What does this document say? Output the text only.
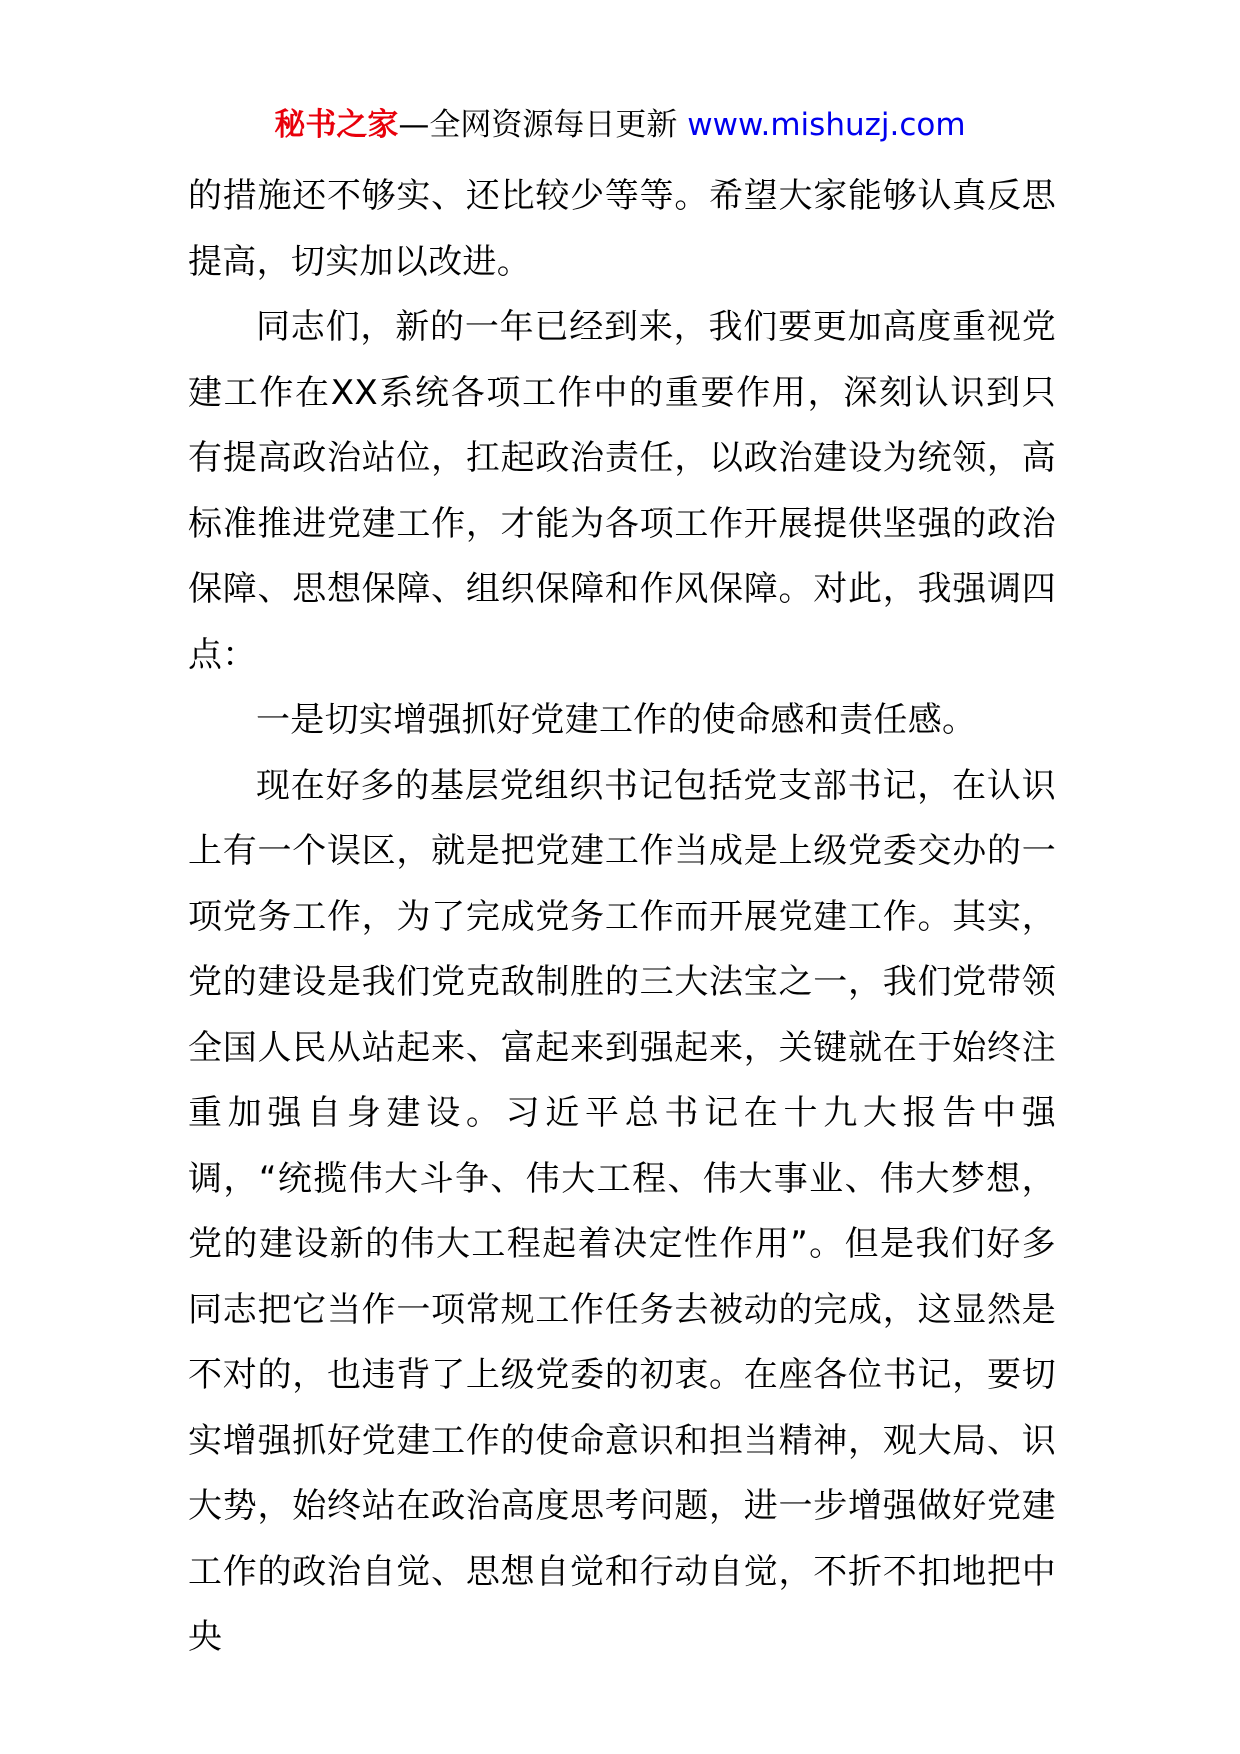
秘书之家—全网资源每日更新 www.mishuzj.com

的措施还不够实、还比较少等等。希望大家能够认真反思提高，切实加以改进。

同志们，新的一年已经到来，我们要更加高度重视党建工作在XX系统各项工作中的重要作用，深刻认识到只有提高政治站位，扛起政治责任，以政治建设为统领，高标准推进党建工作，才能为各项工作开展提供坚强的政治保障、思想保障、组织保障和作风保障。对此，我强调四点：

一是切实增强抓好党建工作的使命感和责任感。

现在好多的基层党组织书记包括党支部书记，在认识上有一个误区，就是把党建工作当成是上级党委交办的一项党务工作，为了完成党务工作而开展党建工作。其实，党的建设是我们党克敌制胜的三大法宝之一，我们党带领全国人民从站起来、富起来到强起来，关键就在于始终注重加强自身建设。习近平总书记在十九大报告中强调，“统揽伟大斗争、伟大工程、伟大事业、伟大梦想，党的建设新的伟大工程起着决定性作用”。但是我们好多同志把它当作一项常规工作任务去被动的完成，这显然是不对的，也违背了上级党委的初衷。在座各位书记，要切实增强抓好党建工作的使命意识和担当精神，观大局、识大势，始终站在政治高度思考问题，进一步增强做好党建工作的政治自觉、思想自觉和行动自觉，不折不扣地把中央
